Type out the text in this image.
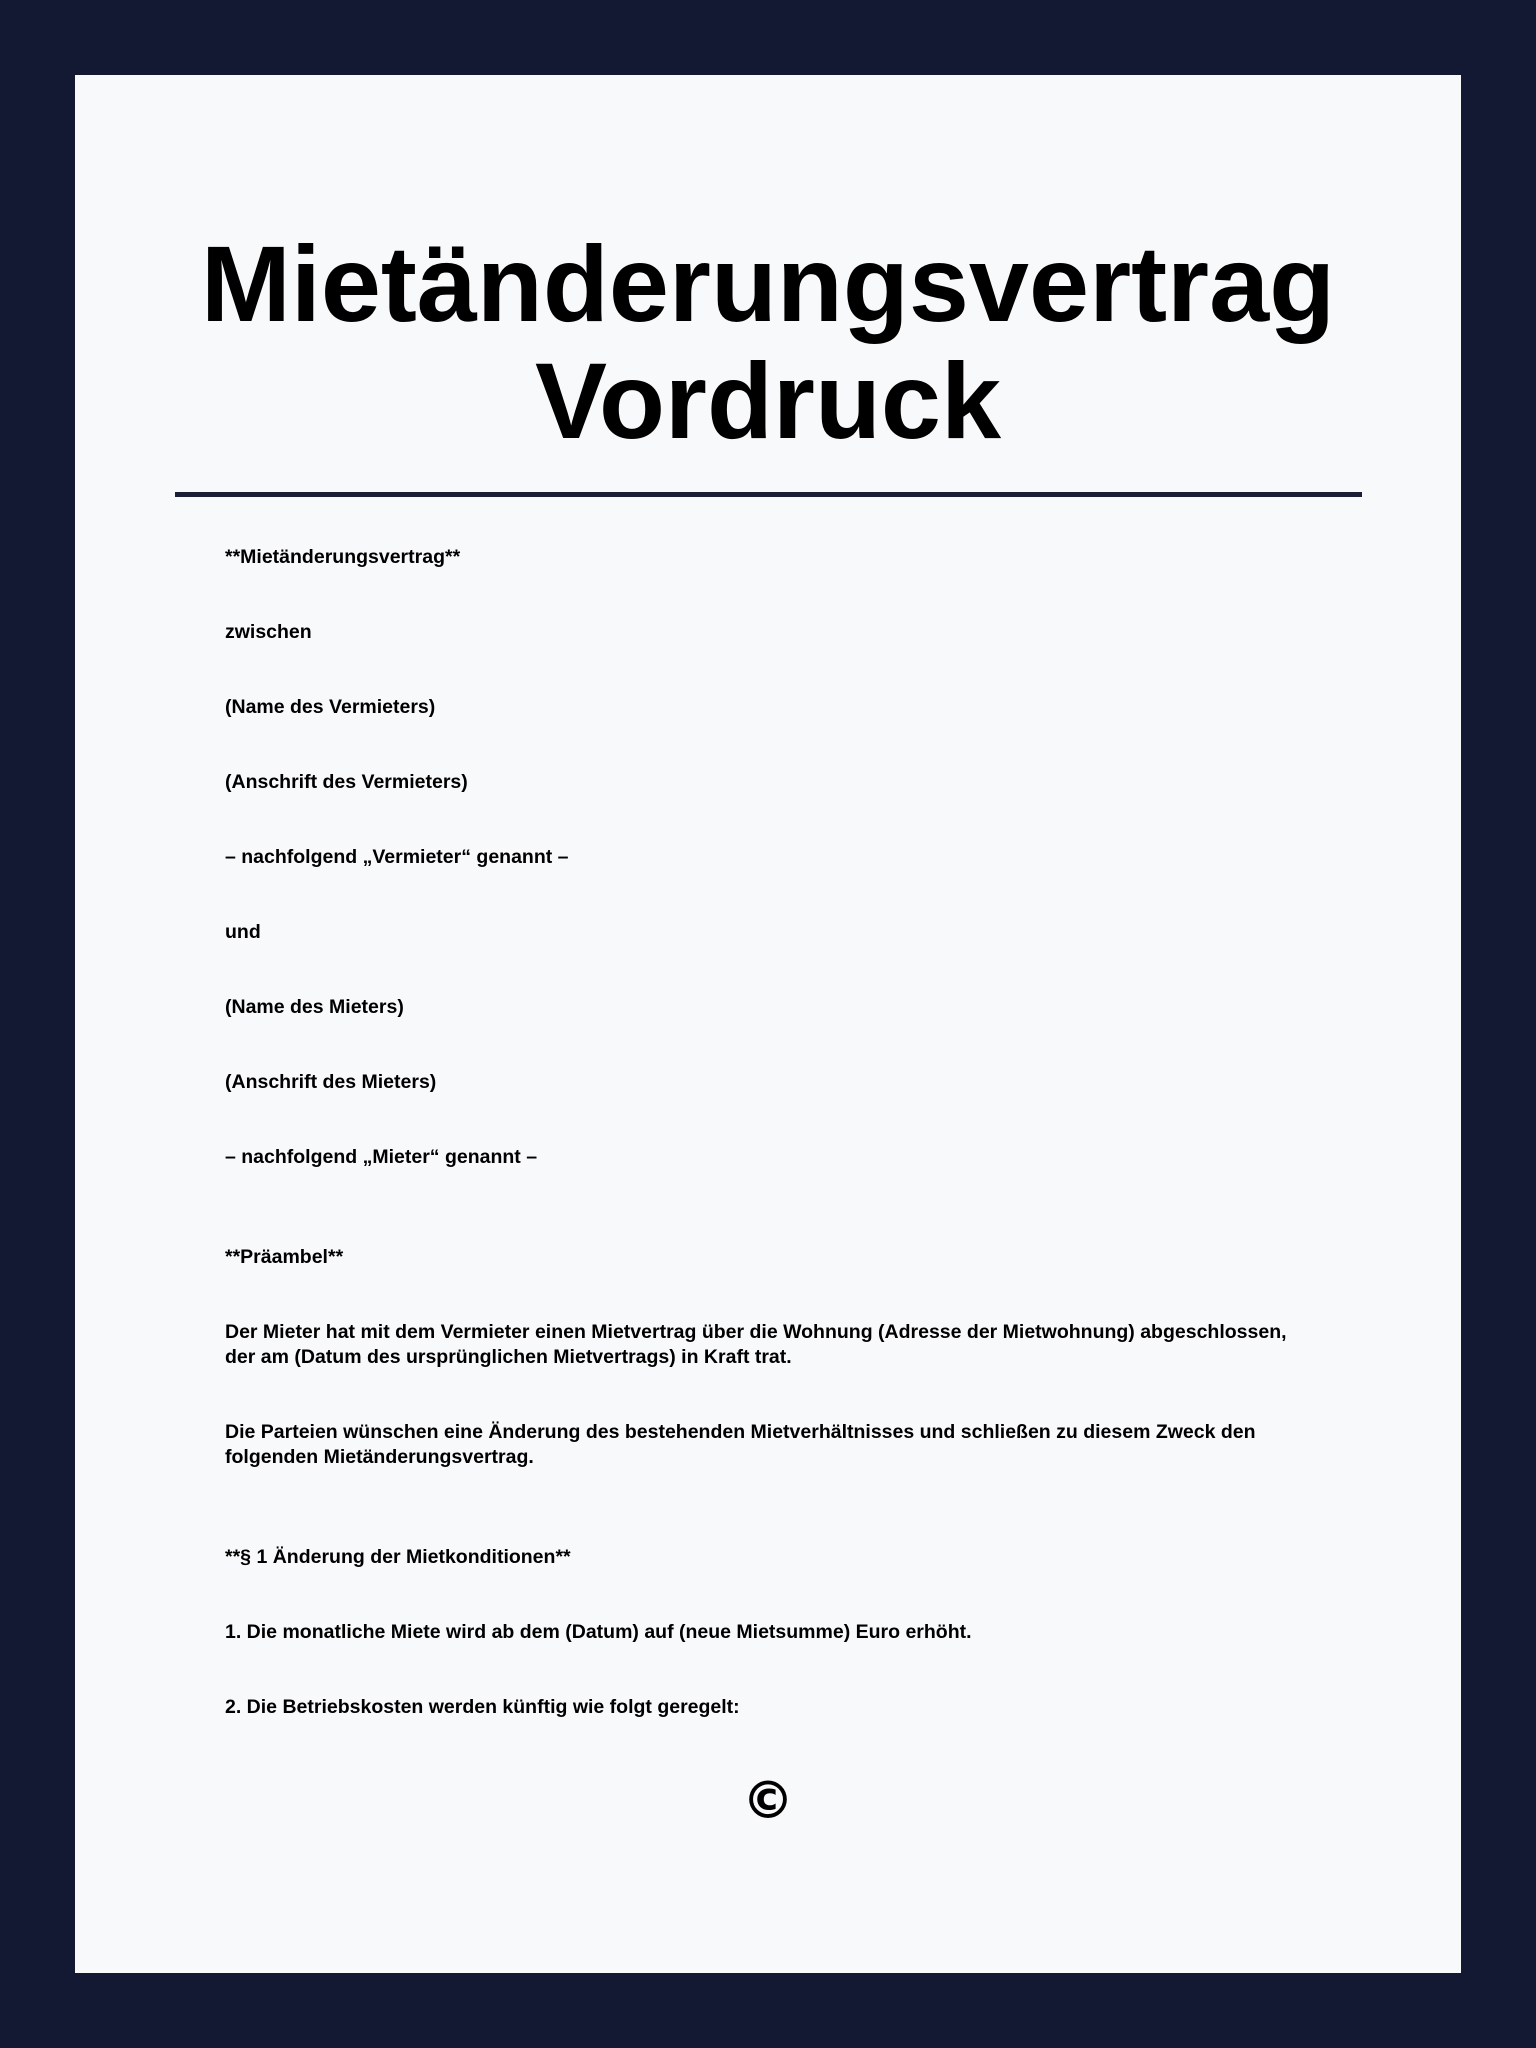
Mietänderungsvertrag
Vordruck

**Mietänderungsvertrag**

zwischen

(Name des Vermieters)

(Anschrift des Vermieters)

– nachfolgend „Vermieter“ genannt –

und

(Name des Mieters)

(Anschrift des Mieters)

– nachfolgend „Mieter“ genannt –

**Präambel**

Der Mieter hat mit dem Vermieter einen Mietvertrag über die Wohnung (Adresse der Mietwohnung) abgeschlossen,

der am (Datum des ursprünglichen Mietvertrags) in Kraft trat.

Die Parteien wünschen eine Änderung des bestehenden Mietverhältnisses und schließen zu diesem Zweck den

folgenden Mietänderungsvertrag.

**§ 1 Änderung der Mietkonditionen**

1. Die monatliche Miete wird ab dem (Datum) auf (neue Mietsumme) Euro erhöht.

2. Die Betriebskosten werden künftig wie folgt geregelt:

©
